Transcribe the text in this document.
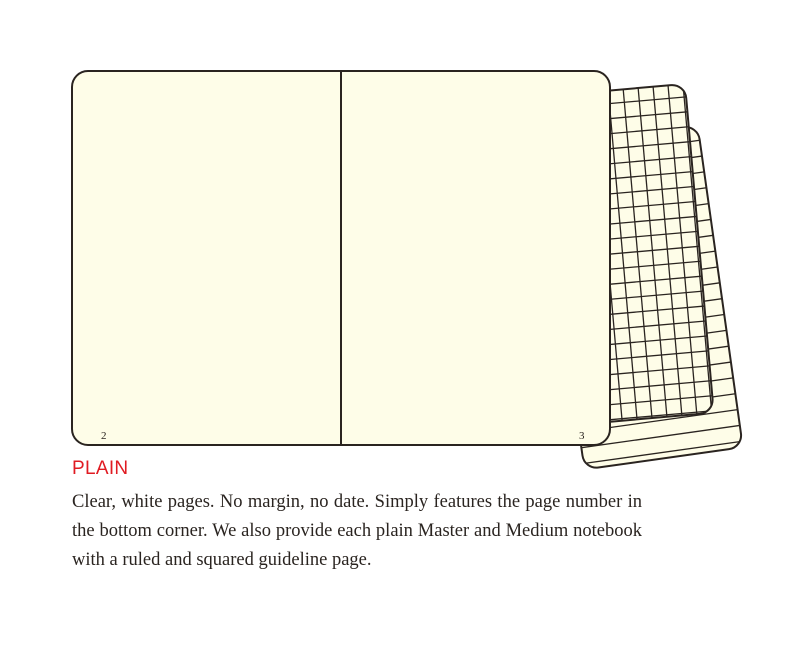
2	3
PLAIN

Clear, white pages. No margin, no date. Simply features the page number in the bottom corner. We also provide each plain Master and Medium notebook with a ruled and squared guideline page.
